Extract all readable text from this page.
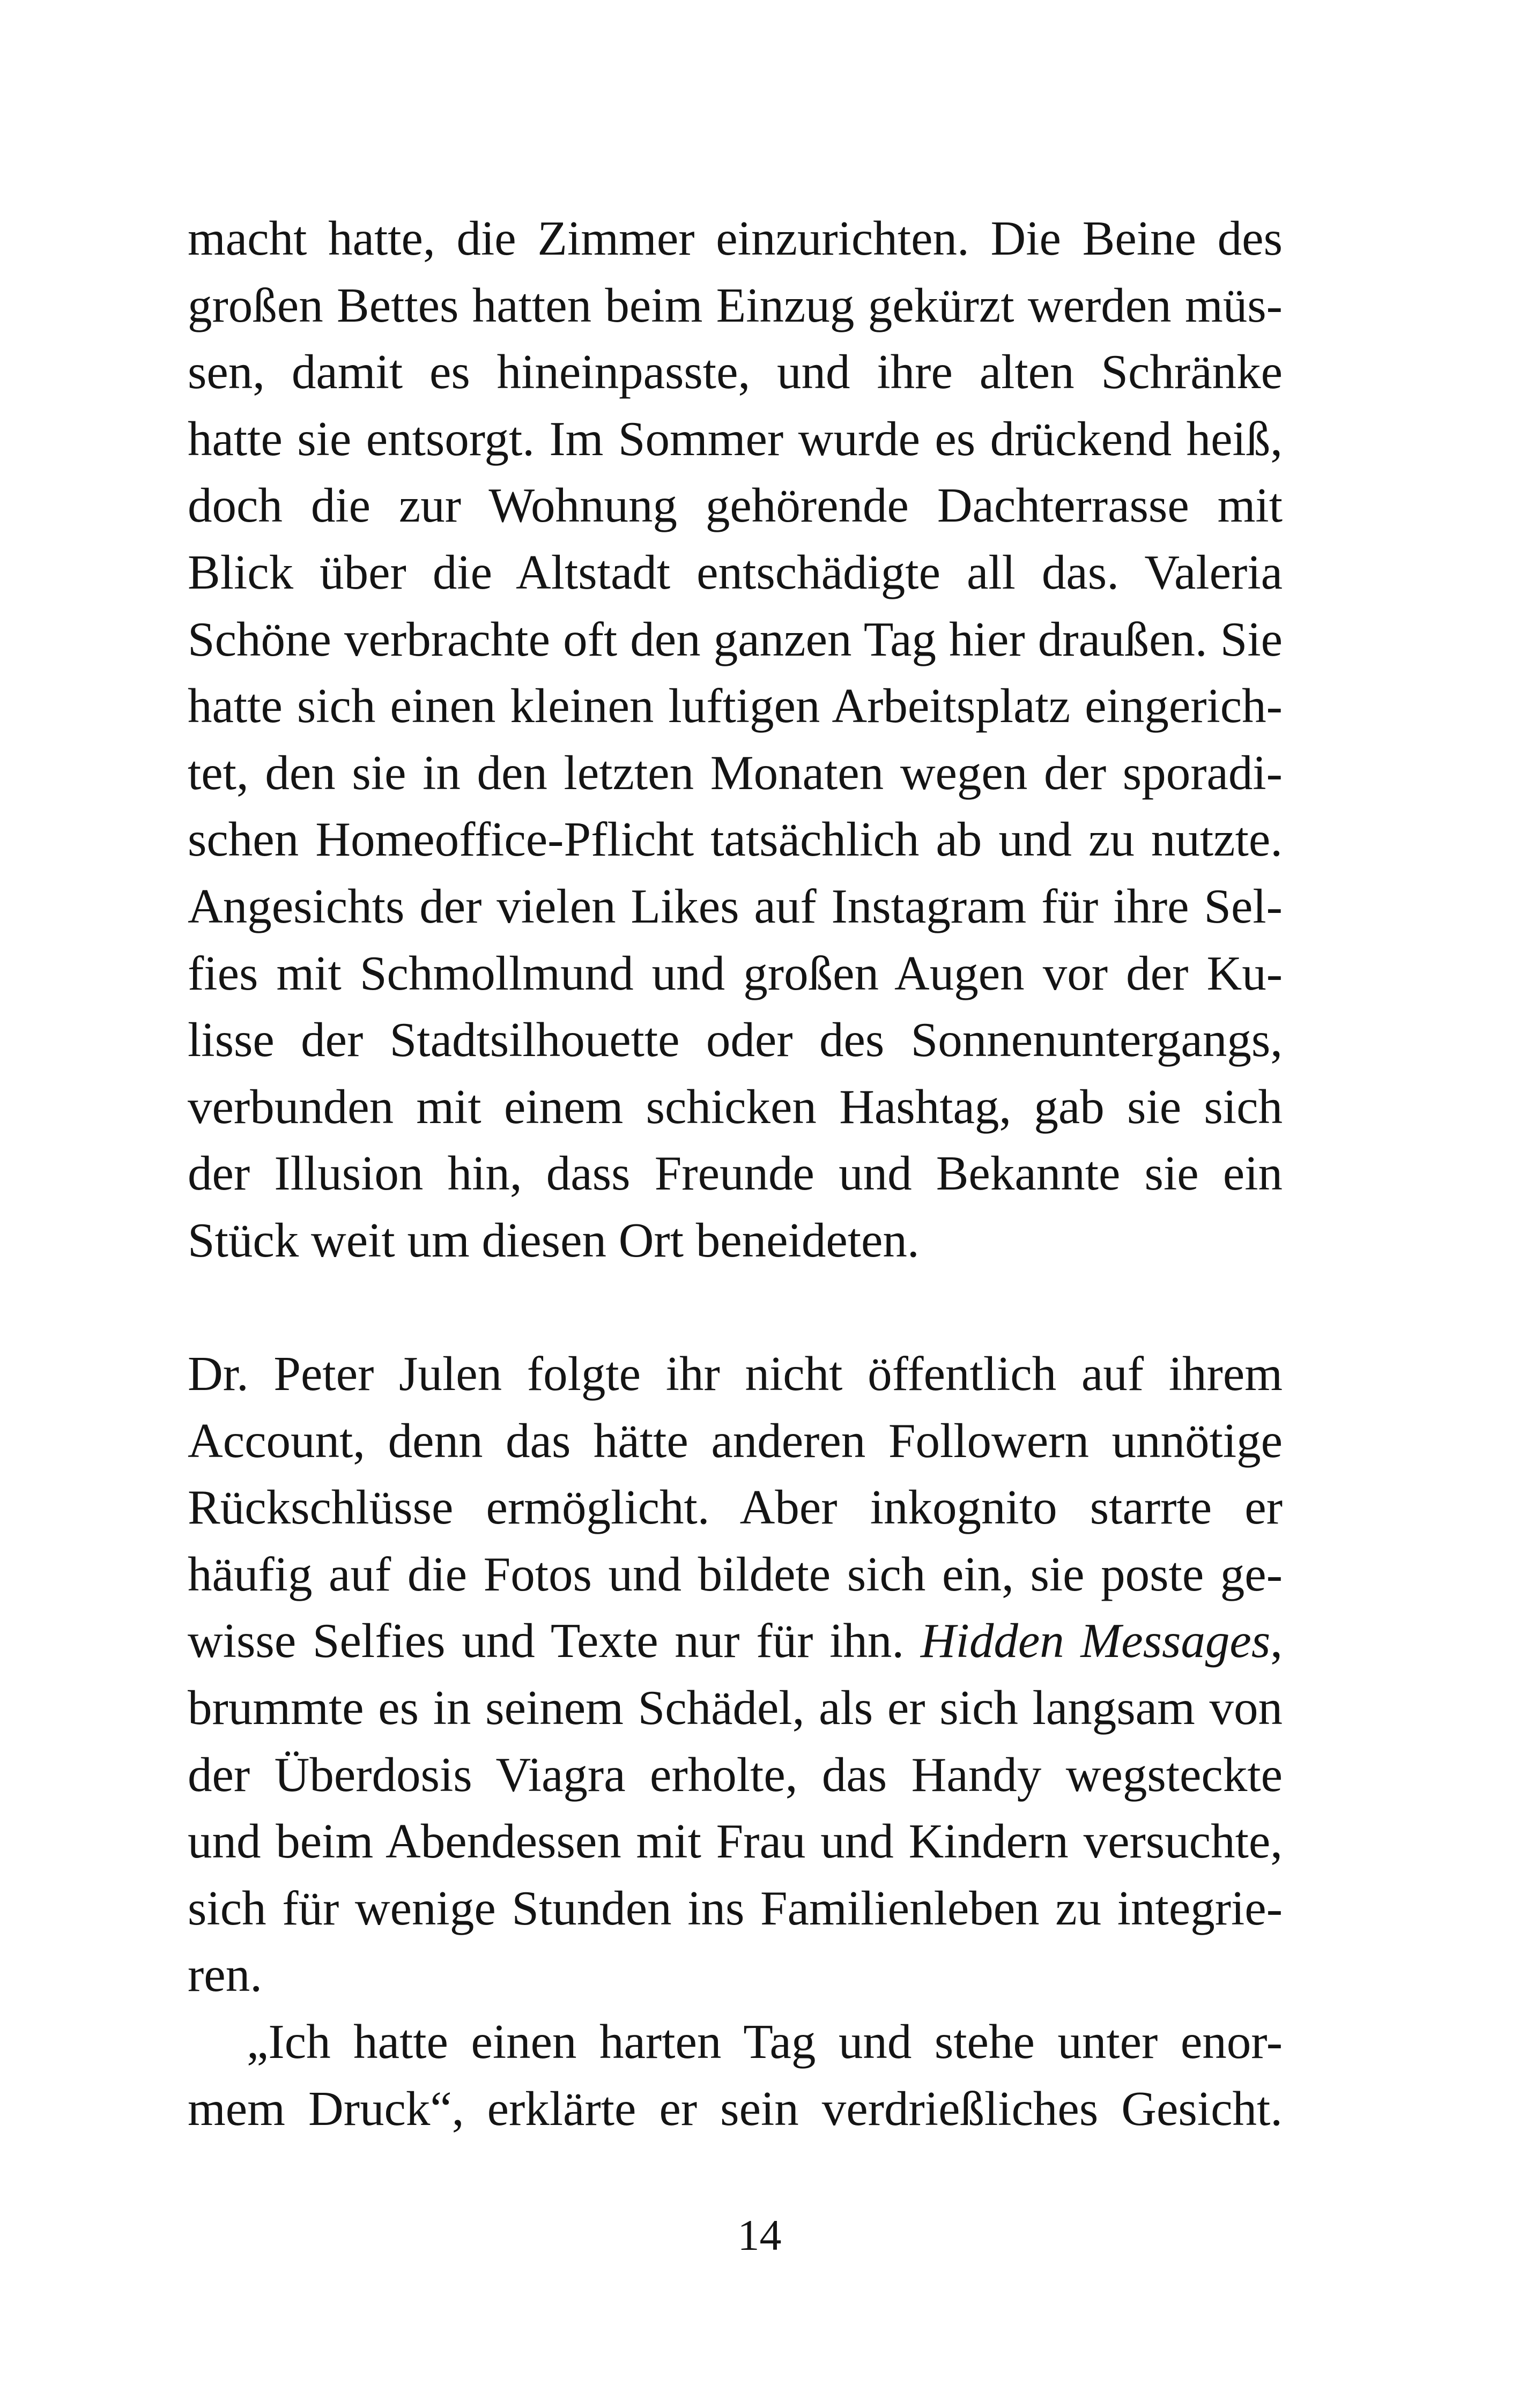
macht hatte, die Zimmer einzurichten. Die Beine des
großen Bettes hatten beim Einzug gekürzt werden müs-
sen, damit es hineinpasste, und ihre alten Schränke
hatte sie entsorgt. Im Sommer wurde es drückend heiß,
doch die zur Wohnung gehörende Dachterrasse mit
Blick über die Altstadt entschädigte all das. Valeria
Schöne verbrachte oft den ganzen Tag hier draußen. Sie
hatte sich einen kleinen luftigen Arbeitsplatz eingerich-
tet, den sie in den letzten Monaten wegen der sporadi-
schen Homeoffice-Pflicht tatsächlich ab und zu nutzte.
Angesichts der vielen Likes auf Instagram für ihre Sel-
fies mit Schmollmund und großen Augen vor der Ku-
lisse der Stadtsilhouette oder des Sonnenuntergangs,
verbunden mit einem schicken Hashtag, gab sie sich
der Illusion hin, dass Freunde und Bekannte sie ein
Stück weit um diesen Ort beneideten.
Dr. Peter Julen folgte ihr nicht öffentlich auf ihrem
Account, denn das hätte anderen Followern unnötige
Rückschlüsse ermöglicht. Aber inkognito starrte er
häufig auf die Fotos und bildete sich ein, sie poste ge-
wisse Selfies und Texte nur für ihn. Hidden Messages,
brummte es in seinem Schädel, als er sich langsam von
der Überdosis Viagra erholte, das Handy wegsteckte
und beim Abendessen mit Frau und Kindern versuchte,
sich für wenige Stunden ins Familienleben zu integrie-
ren.
„Ich hatte einen harten Tag und stehe unter enor-
mem Druck“, erklärte er sein verdrießliches Gesicht.
14
